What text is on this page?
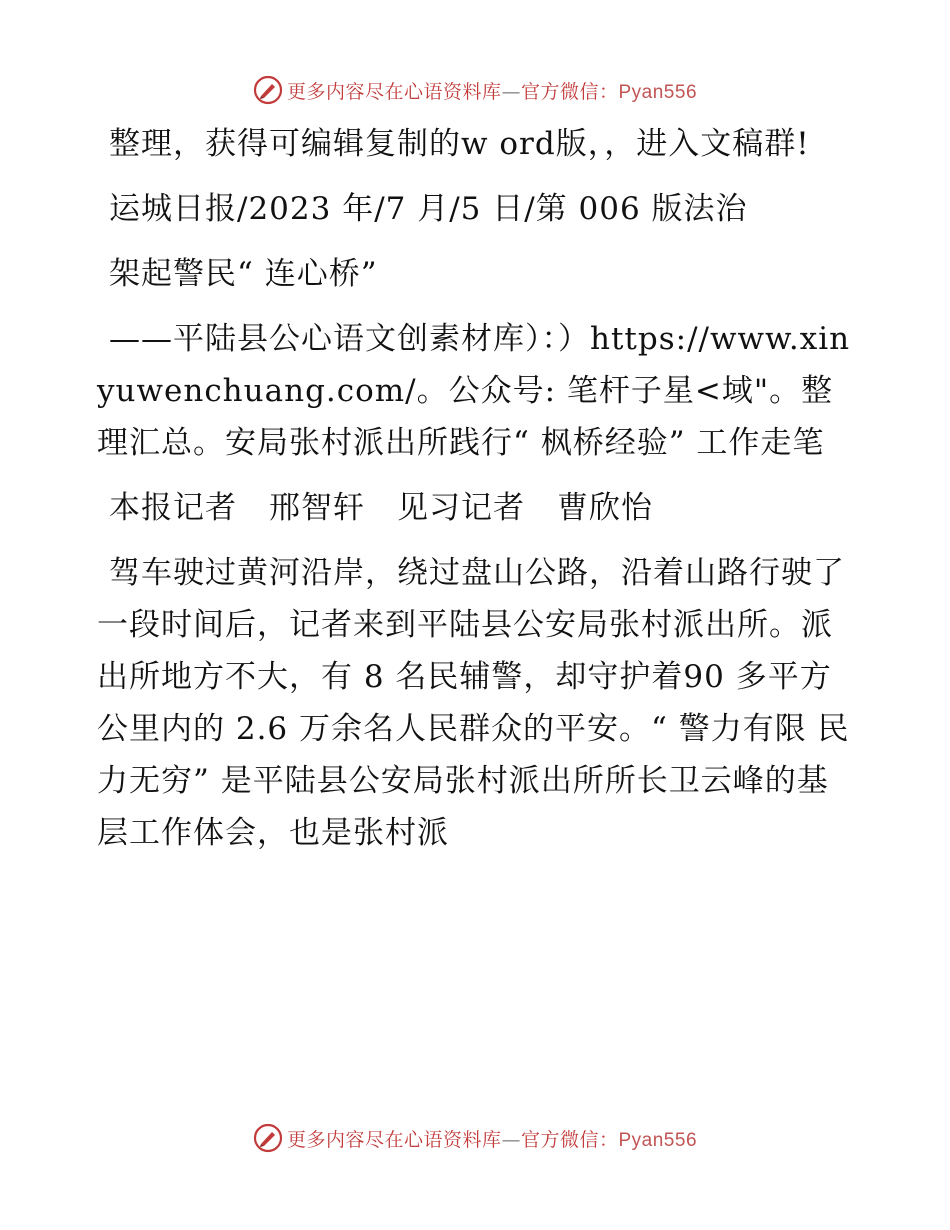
更多内容尽在心语资料库—官方微信：Pyan556

整理，获得可编辑复制的w ord版，，进入文稿群!

运城日报/2023 年/7 月/5 日/第 006 版法治

架起警民“ 连心桥”

——平陆县公心语文创素材库）：）https://www.xinyuwenchuang.com/。公众号: 笔杆子星<域"。整理汇总。安局张村派出所践行“ 枫桥经验” 工作走笔

本报记者　邢智轩　见习记者　曹欣怡

驾车驶过黄河沿岸，绕过盘山公路，沿着山路行驶了一段时间后，记者来到平陆县公安局张村派出所。派出所地方不大，有 8 名民辅警，却守护着90 多平方公里内的 2.6 万余名人民群众的平安。“ 警力有限 民力无穷” 是平陆县公安局张村派出所所长卫云峰的基层工作体会，也是张村派

更多内容尽在心语资料库—官方微信：Pyan556
